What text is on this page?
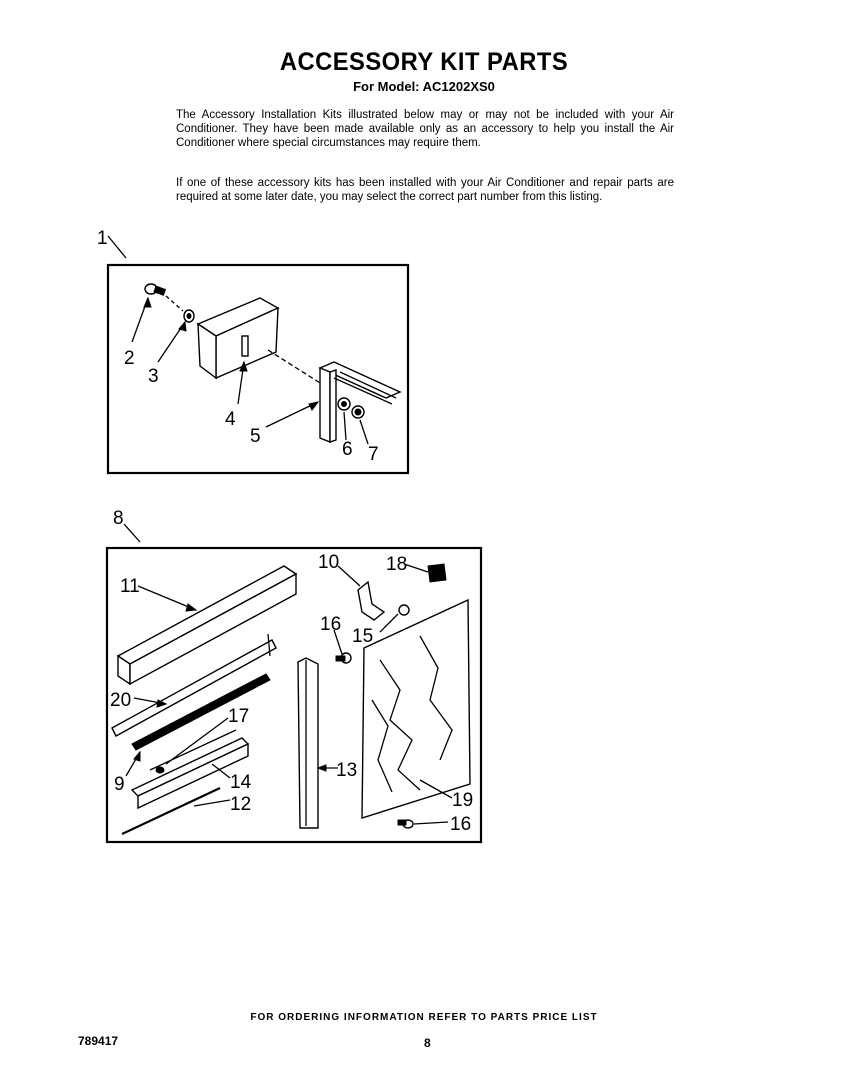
ACCESSORY KIT PARTS
For Model: AC1202XS0
The Accessory Installation Kits illustrated below may or may not be included with your Air Conditioner. They have been made available only as an accessory to help you install the Air Conditioner where special circumstances may require them.
If one of these accessory kits has been installed with your Air Conditioner and repair parts are required at some later date, you may select the correct part number from this listing.
1
2
3
4
5
6 7
8
11
10 18
16
15
20
17
9	14
12
13
19
16
FOR ORDERING INFORMATION REFER TO PARTS PRICE LIST
789417	8
